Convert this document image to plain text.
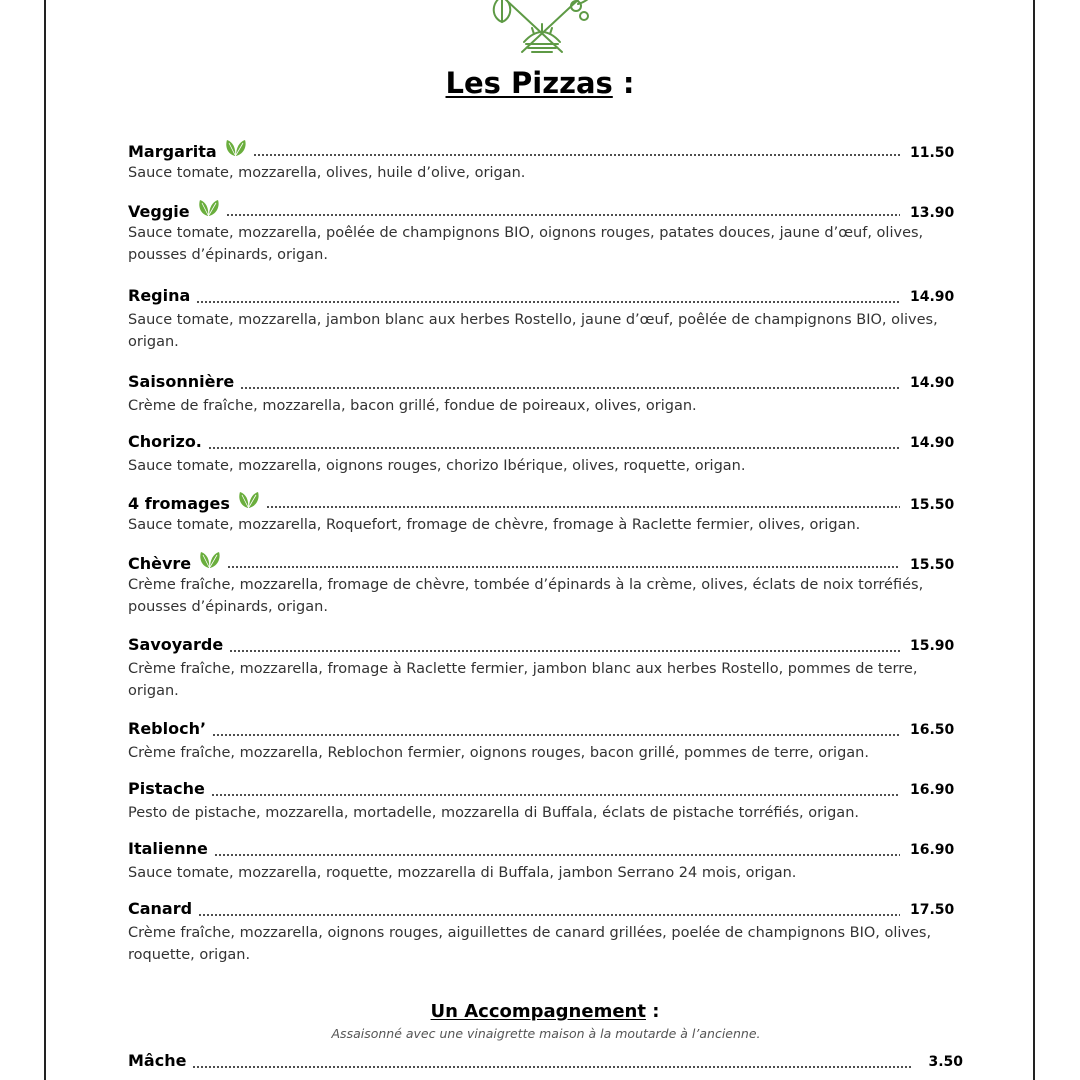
Les Pizzas :
Margarita	11.50
Sauce tomate, mozzarella, olives, huile d’olive, origan.
Veggie	13.90
Sauce tomate, mozzarella, poêlée de champignons BIO, oignons rouges, patates douces, jaune d’œuf, olives, pousses d’épinards, origan.
Regina	14.90
Sauce tomate, mozzarella, jambon blanc aux herbes Rostello, jaune d’œuf, poêlée de champignons BIO, olives, origan.
Saisonnière	14.90
Crème de fraîche, mozzarella, bacon grillé, fondue de poireaux, olives, origan.
Chorizo.	14.90
Sauce tomate, mozzarella, oignons rouges, chorizo Ibérique, olives, roquette, origan.
4 fromages	15.50
Sauce tomate, mozzarella, Roquefort, fromage de chèvre, fromage à Raclette fermier, olives, origan.
Chèvre	15.50
Crème fraîche, mozzarella, fromage de chèvre, tombée d’épinards à la crème, olives, éclats de noix torréfiés, pousses d’épinards, origan.
Savoyarde	15.90
Crème fraîche, mozzarella, fromage à Raclette fermier, jambon blanc aux herbes Rostello, pommes de terre, origan.
Rebloch’	16.50
Crème fraîche, mozzarella, Reblochon fermier, oignons rouges, bacon grillé, pommes de terre, origan.
Pistache	16.90
Pesto de pistache, mozzarella, mortadelle, mozzarella di Buffala, éclats de pistache torréfiés, origan.
Italienne	16.90
Sauce tomate, mozzarella, roquette, mozzarella di Buffala, jambon Serrano 24 mois, origan.
Canard	17.50
Crème fraîche, mozzarella, oignons rouges, aiguillettes de canard grillées, poelée de champignons BIO, olives, roquette, origan.
Un Accompagnement :
Assaisonné avec une vinaigrette maison à la moutarde à l’ancienne.
Mâche	3.50
